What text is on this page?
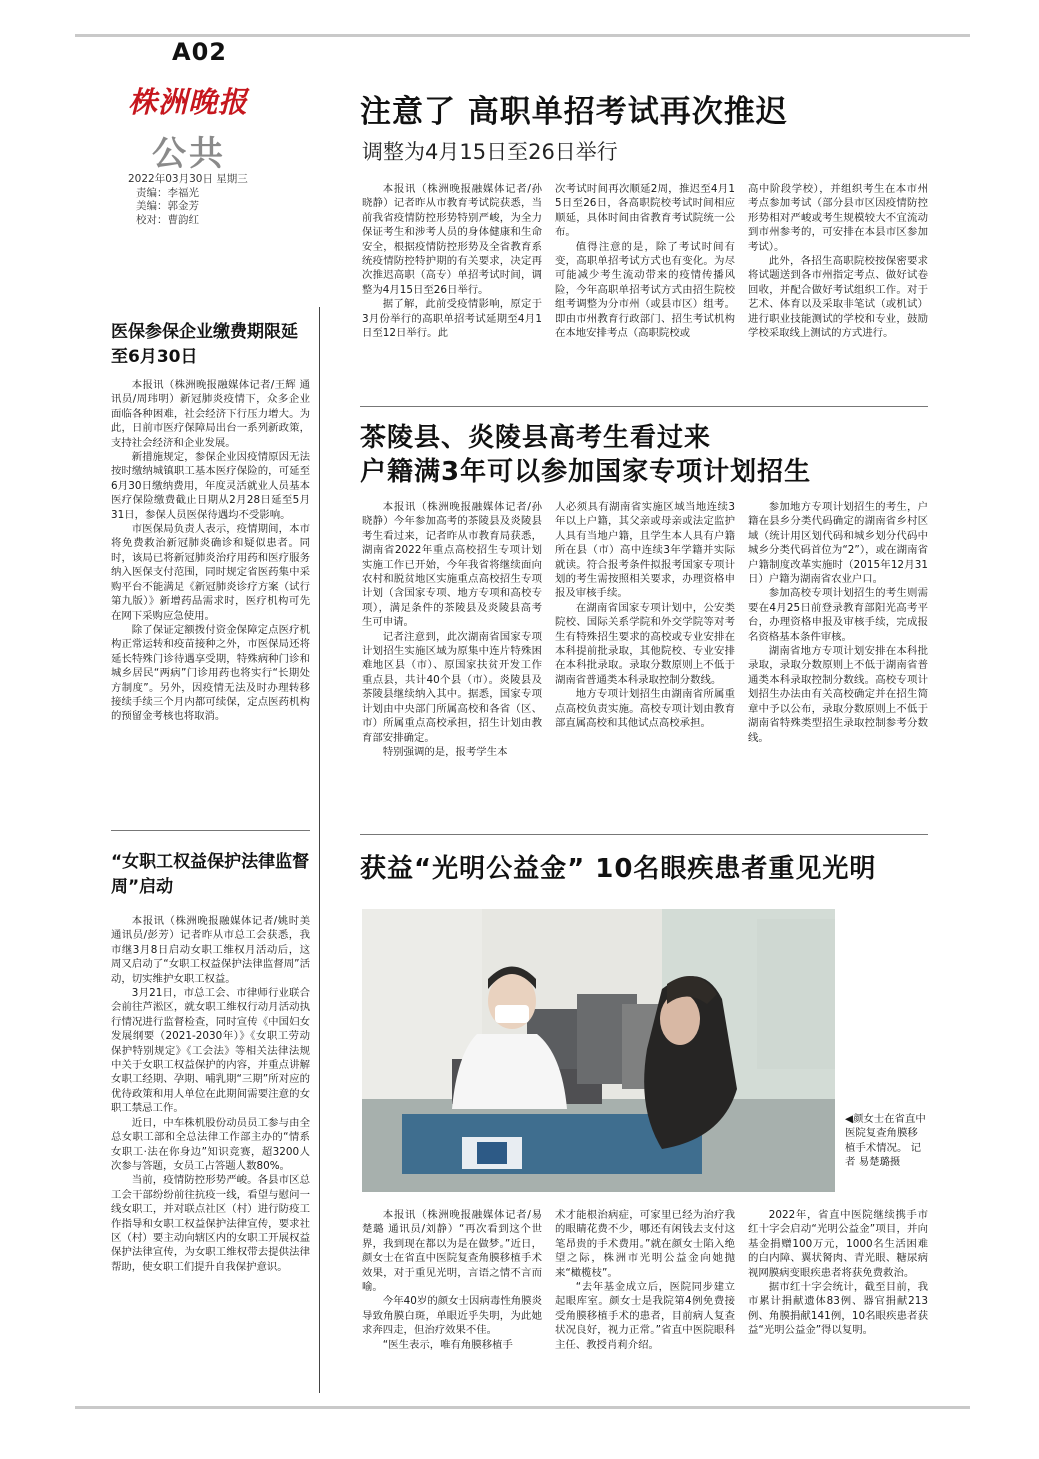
A02
株洲晚报
公共
2022年03月30日 星期三
责编：李福光
美编：郭金芳
校对：曹韵红
注意了 高职单招考试再次推迟
调整为4月15日至26日举行

本报讯（株洲晚报融媒体记者/孙晓静）记者昨从市教育考试院获悉，当前我省疫情防控形势特别严峻，为全力保证考生和涉考人员的身体健康和生命安全，根据疫情防控形势及全省教育系统疫情防控特护期的有关要求，决定再次推迟高职（高专）单招考试时间，调整为4月15日至26日举行。

据了解，此前受疫情影响，原定于3月份举行的高职单招考试延期至4月1日至12日举行。此

次考试时间再次顺延2周，推迟至4月15日至26日，各高职院校考试时间相应顺延，具体时间由省教育考试院统一公布。

值得注意的是，除了考试时间有变，高职单招考试方式也有变化。为尽可能减少考生流动带来的疫情传播风险，今年高职单招考试方式由招生院校组考调整为分市州（或县市区）组考。即由市州教育行政部门、招生考试机构在本地安排考点（高职院校或

高中阶段学校），并组织考生在本市州考点参加考试（部分县市区因疫情防控形势相对严峻或考生规模较大不宜流动到市州参考的，可安排在本县市区参加考试）。

此外，各招生高职院校按保密要求将试题送到各市州指定考点、做好试卷回收，并配合做好考试组织工作。对于艺术、体育以及采取非笔试（或机试）进行职业技能测试的学校和专业，鼓励学校采取线上测试的方式进行。

茶陵县、炎陵县高考生看过来
户籍满3年可以参加国家专项计划招生

本报讯（株洲晚报融媒体记者/孙晓静）今年参加高考的茶陵县及炎陵县考生看过来，记者昨从市教育局获悉，湖南省2022年重点高校招生专项计划实施工作已开始，今年我省将继续面向农村和脱贫地区实施重点高校招生专项计划（含国家专项、地方专项和高校专项），满足条件的茶陵县及炎陵县高考生可申请。

记者注意到，此次湖南省国家专项计划招生实施区域为原集中连片特殊困难地区县（市）、原国家扶贫开发工作重点县，共计40个县（市）。炎陵县及茶陵县继续纳入其中。据悉，国家专项计划由中央部门所属高校和各省（区、市）所属重点高校承担，招生计划由教育部安排确定。

特别强调的是，报考学生本

人必须具有湖南省实施区域当地连续3年以上户籍，其父亲或母亲或法定监护人具有当地户籍，且学生本人具有户籍所在县（市）高中连续3年学籍并实际就读。符合报考条件拟报考国家专项计划的考生需按照相关要求，办理资格申报及审核手续。

在湖南省国家专项计划中，公安类院校、国际关系学院和外交学院等对考生有特殊招生要求的高校或专业安排在本科提前批录取，其他院校、专业安排在本科批录取。录取分数原则上不低于湖南省普通类本科录取控制分数线。

地方专项计划招生由湖南省所属重点高校负责实施。高校专项计划由教育部直属高校和其他试点高校承担。

参加地方专项计划招生的考生，户籍在县乡分类代码确定的湖南省乡村区域（统计用区划代码和城乡划分代码中城乡分类代码首位为“2”），或在湖南省户籍制度改革实施时（2015年12月31日）户籍为湖南省农业户口。

参加高校专项计划招生的考生则需要在4月25日前登录教育部阳光高考平台，办理资格申报及审核手续，完成报名资格基本条件审核。

湖南省地方专项计划安排在本科批录取，录取分数原则上不低于湖南省普通类本科录取控制分数线。高校专项计划招生办法由有关高校确定并在招生简章中予以公布，录取分数原则上不低于湖南省特殊类型招生录取控制参考分数线。

获益“光明公益金” 10名眼疾患者重见光明
◀颜女士在省直中医院复查角膜移植手术情况。 记者 易楚璐摄

本报讯（株洲晚报融媒体记者/易楚璐 通讯员/刘静）“再次看到这个世界，我到现在都以为是在做梦。”近日，颜女士在省直中医院复查角膜移植手术效果，对于重见光明，言语之情不言而喻。

今年40岁的颜女士因病毒性角膜炎导致角膜白斑，单眼近乎失明，为此她求奔四走，但治疗效果不佳。

“医生表示，唯有角膜移植手

术才能根治病症，可家里已经为治疗我的眼睛花费不少，哪还有闲钱去支付这笔昂贵的手术费用。”就在颜女士陷入绝望之际，株洲市光明公益金向她抛来“橄榄枝”。

“去年基金成立后，医院同步建立起眼库室。颜女士是我院第4例免费接受角膜移植手术的患者，目前病人复查状况良好，视力正常。”省直中医院眼科主任、教授肖莉介绍。

2022年，省直中医院继续携手市红十字会启动“光明公益金”项目，并向基金捐赠100万元，1000名生活困难的白内障、翼状胬肉、青光眼、糖尿病视网膜病变眼疾患者将获免费救治。

据市红十字会统计，截至目前，我市累计捐献遗体83例、器官捐献213例、角膜捐献141例，10名眼疾患者获益“光明公益金”得以复明。

医保参保企业缴费期限延至6月30日

本报讯（株洲晚报融媒体记者/王辉 通讯员/周玮明）新冠肺炎疫情下，众多企业面临各种困难，社会经济下行压力增大。为此，日前市医疗保障局出台一系列新政策，支持社会经济和企业发展。

新措施规定，参保企业因疫情原因无法按时缴纳城镇职工基本医疗保险的，可延至6月30日缴纳费用，年度灵活就业人员基本医疗保险缴费截止日期从2月28日延至5月31日，参保人员医保待遇均不受影响。

市医保局负责人表示，疫情期间，本市将免费救治新冠肺炎确诊和疑似患者。同时，该局已将新冠肺炎治疗用药和医疗服务纳入医保支付范围，同时规定省医药集中采购平台不能满足《新冠肺炎诊疗方案（试行第九版）》新增药品需求时，医疗机构可先在网下采购应急使用。

除了保证定额拨付资金保障定点医疗机构正常运转和疫苗接种之外，市医保局还将延长特殊门诊待遇享受期，特殊病种门诊和城乡居民“两病”门诊用药也将实行“长期处方制度”。另外，因疫情无法及时办理转移接续手续三个月内都可续保，定点医药机构的预留金考核也将取消。

“女职工权益保护法律监督周”启动

本报讯（株洲晚报融媒体记者/姚时美 通讯员/彭芳）记者昨从市总工会获悉，我市继3月8日启动女职工维权月活动后，这周又启动了“女职工权益保护法律监督周”活动，切实维护女职工权益。

3月21日，市总工会、市律师行业联合会前往芦淞区，就女职工维权行动月活动执行情况进行监督检查，同时宣传《中国妇女发展纲要（2021-2030年）》《女职工劳动保护特别规定》《工会法》等相关法律法规中关于女职工权益保护的内容，并重点讲解女职工经期、孕期、哺乳期“三期”所对应的优待政策和用人单位在此期间需要注意的女职工禁忌工作。

近日，中车株机股份动员员工参与由全总女职工部和全总法律工作部主办的“情系女职工·法在你身边”知识竞赛，超3200人次参与答题，女员工占答题人数80%。

当前，疫情防控形势严峻。各县市区总工会干部纷纷前往抗疫一线，看望与慰问一线女职工，并对联点社区（村）进行防疫工作指导和女职工权益保护法律宣传，要求社区（村）要主动向辖区内的女职工开展权益保护法律宣传，为女职工维权带去提供法律帮助，使女职工们提升自我保护意识。
